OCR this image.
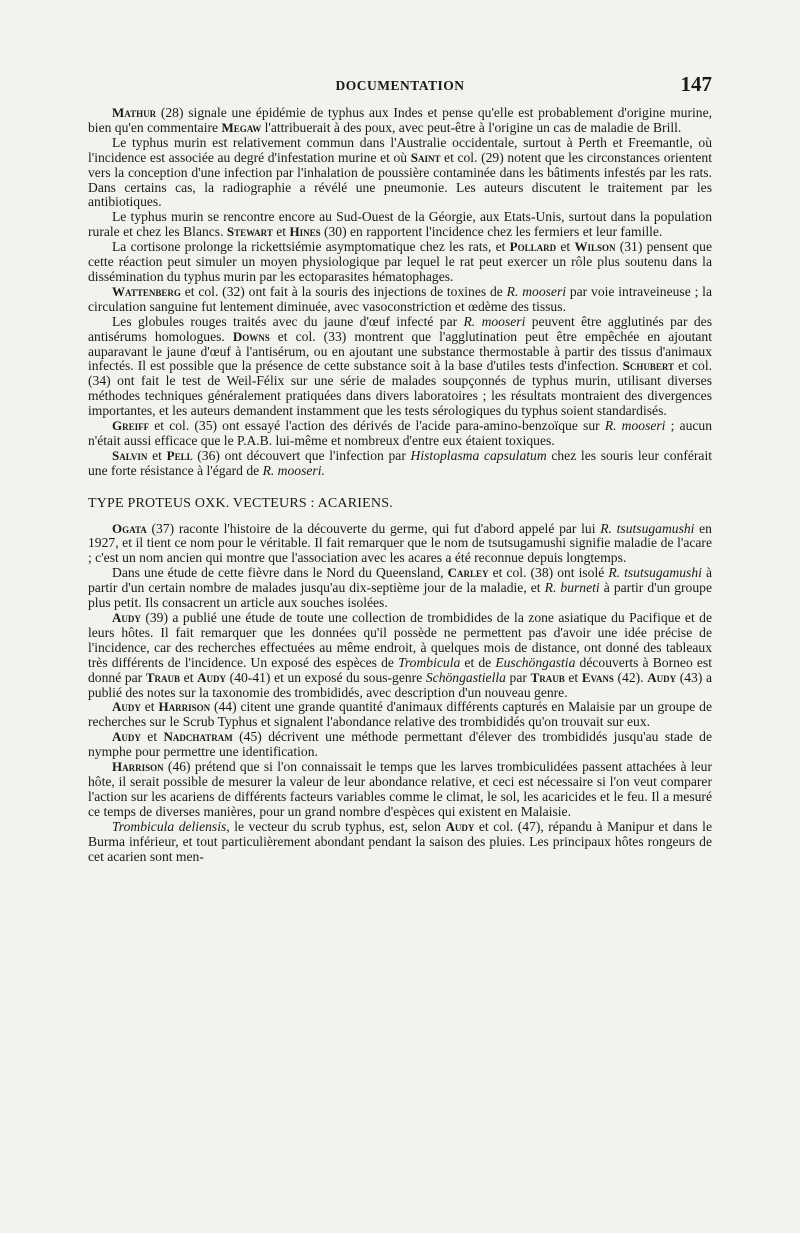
DOCUMENTATION	147

Mathur (28) signale une épidémie de typhus aux Indes et pense qu'elle est probablement d'origine murine, bien qu'en commentaire Megaw l'attribuerait à des poux, avec peut-être à l'origine un cas de maladie de Brill.

Le typhus murin est relativement commun dans l'Australie occidentale, surtout à Perth et Freemantle, où l'incidence est associée au degré d'infestation murine et où Saint et col. (29) notent que les circonstances orientent vers la conception d'une infection par l'inhalation de poussière contaminée dans les bâtiments infestés par les rats. Dans certains cas, la radiographie a révélé une pneumonie. Les auteurs discutent le traitement par les antibiotiques.

Le typhus murin se rencontre encore au Sud-Ouest de la Géorgie, aux Etats-Unis, surtout dans la population rurale et chez les Blancs. Stewart et Hines (30) en rapportent l'incidence chez les fermiers et leur famille.

La cortisone prolonge la rickettsiémie asymptomatique chez les rats, et Pollard et Wilson (31) pensent que cette réaction peut simuler un moyen physiologique par lequel le rat peut exercer un rôle plus soutenu dans la dissémination du typhus murin par les ectoparasites hématophages.

Wattenberg et col. (32) ont fait à la souris des injections de toxines de R. mooseri par voie intraveineuse ; la circulation sanguine fut lentement diminuée, avec vasoconstriction et œdème des tissus.

Les globules rouges traités avec du jaune d'œuf infecté par R. mooseri peuvent être agglutinés par des antisérums homologues. Downs et col. (33) montrent que l'agglutination peut être empêchée en ajoutant auparavant le jaune d'œuf à l'antisérum, ou en ajoutant une substance thermostable à partir des tissus d'animaux infectés. Il est possible que la présence de cette substance soit à la base d'utiles tests d'infection. Schubert et col. (34) ont fait le test de Weil-Félix sur une série de malades soupçonnés de typhus murin, utilisant diverses méthodes techniques généralement pratiquées dans divers laboratoires ; les résultats montraient des divergences importantes, et les auteurs demandent instamment que les tests sérologiques du typhus soient standardisés.

Greiff et col. (35) ont essayé l'action des dérivés de l'acide para-amino-benzoïque sur R. mooseri ; aucun n'était aussi efficace que le P.A.B. lui-même et nombreux d'entre eux étaient toxiques.

Salvin et Pell (36) ont découvert que l'infection par Histoplasma capsulatum chez les souris leur conférait une forte résistance à l'égard de R. mooseri.

TYPE PROTEUS OXK. VECTEURS : ACARIENS.

Ogata (37) raconte l'histoire de la découverte du germe, qui fut d'abord appelé par lui R. tsutsugamushi en 1927, et il tient ce nom pour le véritable. Il fait remarquer que le nom de tsutsugamushi signifie maladie de l'acare ; c'est un nom ancien qui montre que l'association avec les acares a été reconnue depuis longtemps.

Dans une étude de cette fièvre dans le Nord du Queensland, Carley et col. (38) ont isolé R. tsutsugamushi à partir d'un certain nombre de malades jusqu'au dix-septième jour de la maladie, et R. burneti à partir d'un groupe plus petit. Ils consacrent un article aux souches isolées.

Audy (39) a publié une étude de toute une collection de trombidides de la zone asiatique du Pacifique et de leurs hôtes. Il fait remarquer que les données qu'il possède ne permettent pas d'avoir une idée précise de l'incidence, car des recherches effectuées au même endroit, à quelques mois de distance, ont donné des tableaux très différents de l'incidence. Un exposé des espèces de Trombicula et de Euschöngastia découverts à Borneo est donné par Traub et Audy (40-41) et un exposé du sous-genre Schöngastiella par Traub et Evans (42). Audy (43) a publié des notes sur la taxonomie des trombididés, avec description d'un nouveau genre.

Audy et Harrison (44) citent une grande quantité d'animaux différents capturés en Malaisie par un groupe de recherches sur le Scrub Typhus et signalent l'abondance relative des trombididés qu'on trouvait sur eux.

Audy et Nadchatram (45) décrivent une méthode permettant d'élever des trombididés jusqu'au stade de nymphe pour permettre une identification.

Harrison (46) prétend que si l'on connaissait le temps que les larves trombiculidées passent attachées à leur hôte, il serait possible de mesurer la valeur de leur abondance relative, et ceci est nécessaire si l'on veut comparer l'action sur les acariens de différents facteurs variables comme le climat, le sol, les acaricides et le feu. Il a mesuré ce temps de diverses manières, pour un grand nombre d'espèces qui existent en Malaisie.

Trombicula deliensis, le vecteur du scrub typhus, est, selon Audy et col. (47), répandu à Manipur et dans le Burma inférieur, et tout particulièrement abondant pendant la saison des pluies. Les principaux hôtes rongeurs de cet acarien sont men-
